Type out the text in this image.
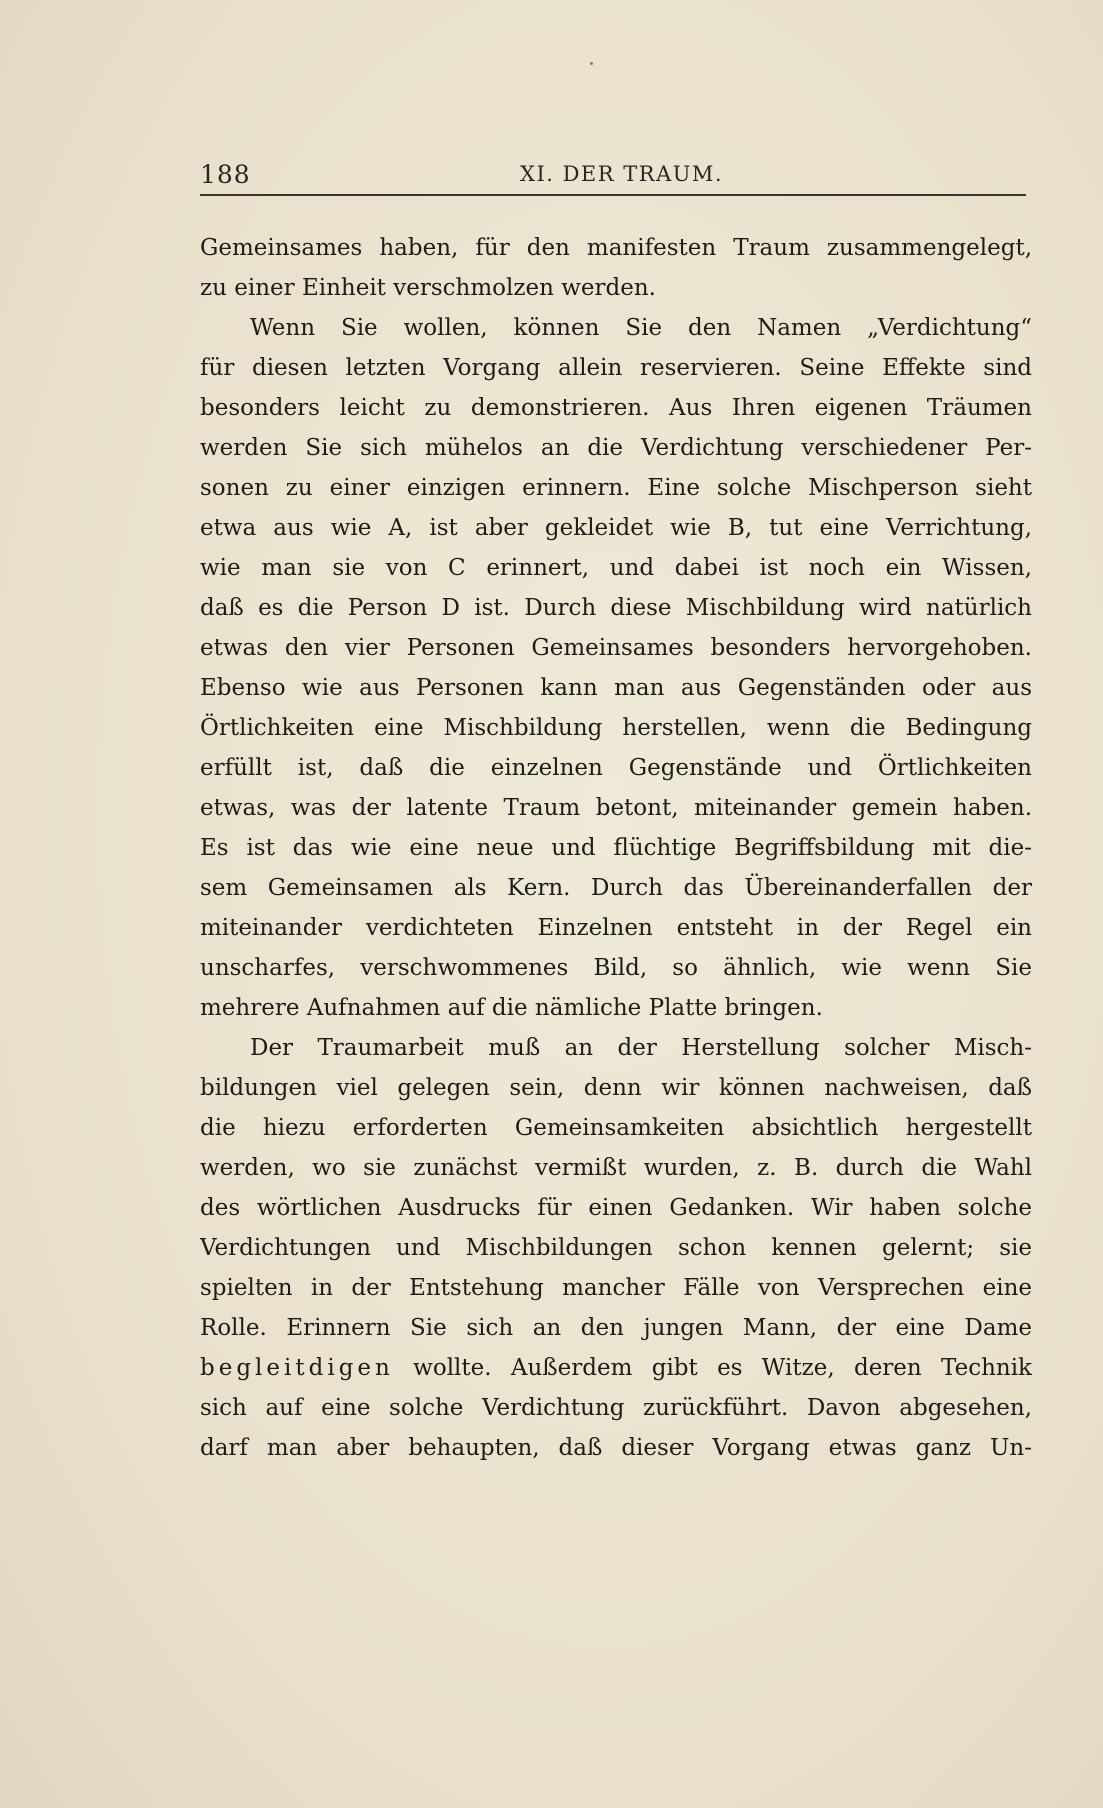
188	XI. DER TRAUM.
Gemeinsames haben, für den manifesten Traum zusammengelegt,
zu einer Einheit verschmolzen werden.
Wenn Sie wollen, können Sie den Namen „Verdichtung“
für diesen letzten Vorgang allein reservieren. Seine Effekte sind
besonders leicht zu demonstrieren. Aus Ihren eigenen Träumen
werden Sie sich mühelos an die Verdichtung verschiedener Per-
sonen zu einer einzigen erinnern. Eine solche Mischperson sieht
etwa aus wie A, ist aber gekleidet wie B, tut eine Verrichtung,
wie man sie von C erinnert, und dabei ist noch ein Wissen,
daß es die Person D ist. Durch diese Mischbildung wird natürlich
etwas den vier Personen Gemeinsames besonders hervorgehoben.
Ebenso wie aus Personen kann man aus Gegenständen oder aus
Örtlichkeiten eine Mischbildung herstellen, wenn die Bedingung
erfüllt ist, daß die einzelnen Gegenstände und Örtlichkeiten
etwas, was der latente Traum betont, miteinander gemein haben.
Es ist das wie eine neue und flüchtige Begriffsbildung mit die-
sem Gemeinsamen als Kern. Durch das Übereinanderfallen der
miteinander verdichteten Einzelnen entsteht in der Regel ein
unscharfes, verschwommenes Bild, so ähnlich, wie wenn Sie
mehrere Aufnahmen auf die nämliche Platte bringen.
Der Traumarbeit muß an der Herstellung solcher Misch-
bildungen viel gelegen sein, denn wir können nachweisen, daß
die hiezu erforderten Gemeinsamkeiten absichtlich hergestellt
werden, wo sie zunächst vermißt wurden, z. B. durch die Wahl
des wörtlichen Ausdrucks für einen Gedanken. Wir haben solche
Verdichtungen und Mischbildungen schon kennen gelernt; sie
spielten in der Entstehung mancher Fälle von Versprechen eine
Rolle. Erinnern Sie sich an den jungen Mann, der eine Dame
begleitdigen wollte. Außerdem gibt es Witze, deren Technik
sich auf eine solche Verdichtung zurückführt. Davon abgesehen,
darf man aber behaupten, daß dieser Vorgang etwas ganz Un-
